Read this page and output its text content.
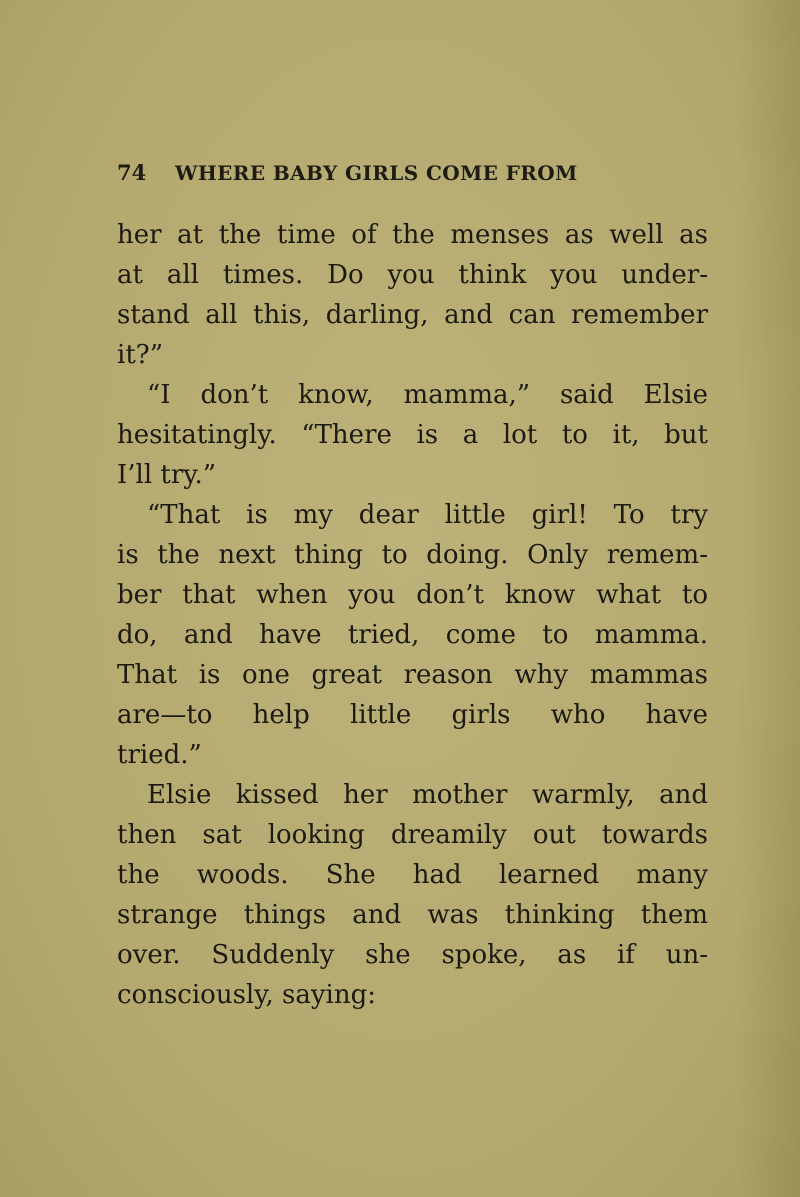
74 WHERE BABY GIRLS COME FROM
her at the time of the menses as well as
at all times. Do you think you under-
stand all this, darling, and can remember
it?”
“I don’t know, mamma,” said Elsie
hesitatingly. “There is a lot to it, but
I’ll try.”
“That is my dear little girl! To try
is the next thing to doing. Only remem-
ber that when you don’t know what to
do, and have tried, come to mamma.
That is one great reason why mammas
are—to help little girls who have
tried.”
Elsie kissed her mother warmly, and
then sat looking dreamily out towards
the woods. She had learned many
strange things and was thinking them
over. Suddenly she spoke, as if un-
consciously, saying:
